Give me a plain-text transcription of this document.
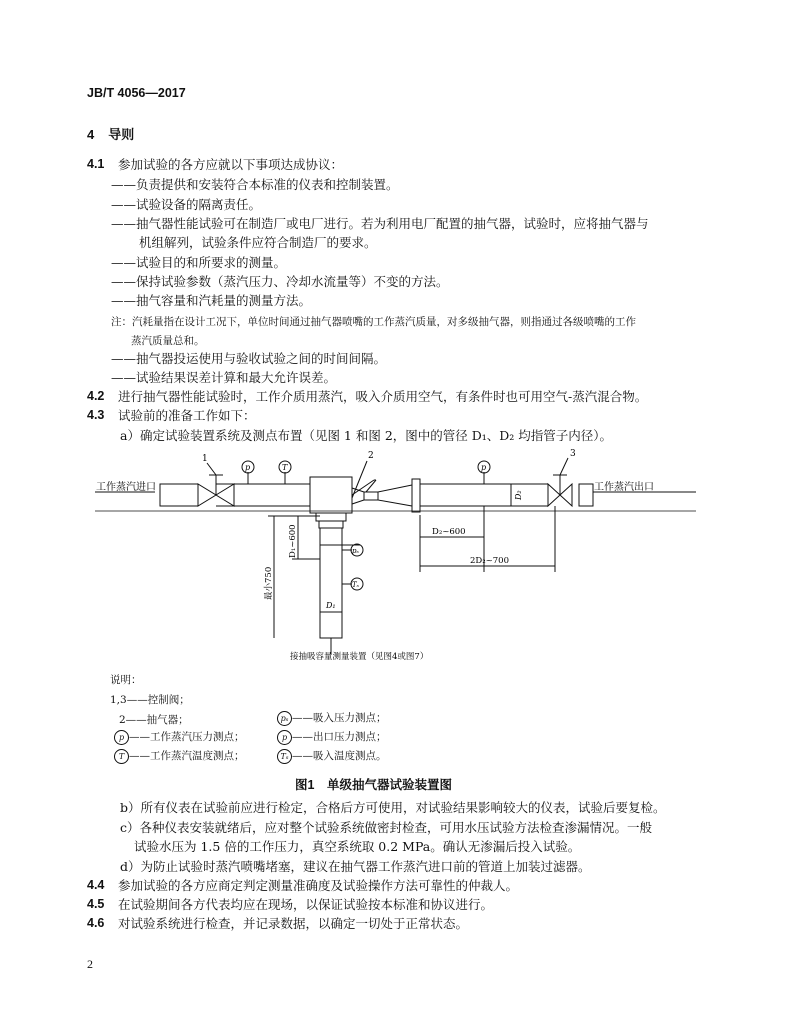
JB/T 4056—2017
4 导则
4.1 参加试验的各方应就以下事项达成协议：
——负责提供和安装符合本标准的仪表和控制装置。
——试验设备的隔离责任。
——抽气器性能试验可在制造厂或电厂进行。若为利用电厂配置的抽气器，试验时，应将抽气器与
机组解列，试验条件应符合制造厂的要求。
——试验目的和所要求的测量。
——保持试验参数（蒸汽压力、冷却水流量等）不变的方法。
——抽气容量和汽耗量的测量方法。
注：汽耗量指在设计工况下，单位时间通过抽气器喷嘴的工作蒸汽质量，对多级抽气器，则指通过各级喷嘴的工作
蒸汽质量总和。
——抽气器投运使用与验收试验之间的时间间隔。
——试验结果误差计算和最大允许误差。
4.2 进行抽气器性能试验时，工作介质用蒸汽，吸入介质用空气，有条件时也可用空气-蒸汽混合物。
4.3 试验前的准备工作如下：
a）确定试验装置系统及测点布置（见图 1 和图 2，图中的管径 D₁、D₂ 均指管子内径）。
工作蒸汽进口	工作蒸汽出口
1	2	3
p	T	p
pₛ
Tₛ
D₂
D₂~600
2D₂~700
D₁~600
最小750
D₁
接抽吸容量测量装置（见图4或图7）
说明：
1,3——控制阀；
2——抽气器；	pₛ ——吸入压力测点；
p ——工作蒸汽压力测点；	p ——出口压力测点；
T ——工作蒸汽温度测点；	Tₛ ——吸入温度测点。
图1　单级抽气器试验装置图
b）所有仪表在试验前应进行检定，合格后方可使用，对试验结果影响较大的仪表，试验后要复检。
c）各种仪表安装就绪后，应对整个试验系统做密封检查，可用水压试验方法检查渗漏情况。一般
试验水压为 1.5 倍的工作压力，真空系统取 0.2 MPa。确认无渗漏后投入试验。
d）为防止试验时蒸汽喷嘴堵塞，建议在抽气器工作蒸汽进口前的管道上加装过滤器。
4.4 参加试验的各方应商定判定测量准确度及试验操作方法可靠性的仲裁人。
4.5 在试验期间各方代表均应在现场，以保证试验按本标准和协议进行。
4.6 对试验系统进行检查，并记录数据，以确定一切处于正常状态。
2
